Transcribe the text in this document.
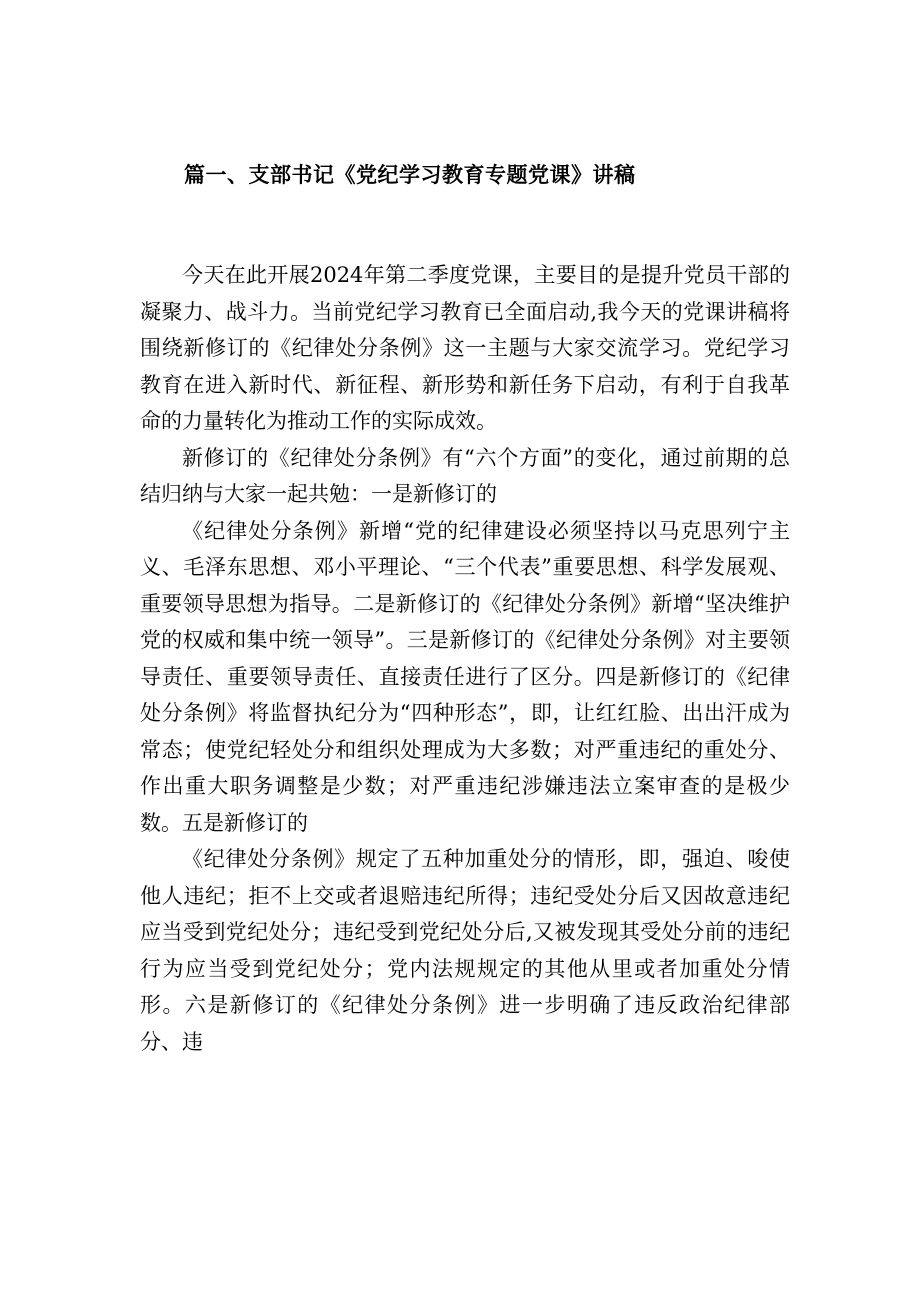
篇一、支部书记《党纪学习教育专题党课》讲稿

今天在此开展2024年第二季度党课，主要目的是提升党员干部的凝聚力、战斗力。当前党纪学习教育已全面启动,我今天的党课讲稿将围绕新修订的《纪律处分条例》这一主题与大家交流学习。党纪学习教育在进入新时代、新征程、新形势和新任务下启动，有利于自我革命的力量转化为推动工作的实际成效。

新修订的《纪律处分条例》有“六个方面”的变化，通过前期的总结归纳与大家一起共勉：一是新修订的

《纪律处分条例》新增“党的纪律建设必须坚持以马克思列宁主义、毛泽东思想、邓小平理论、“三个代表”重要思想、科学发展观、重要领导思想为指导。二是新修订的《纪律处分条例》新增“坚决维护党的权威和集中统一领导”。三是新修订的《纪律处分条例》对主要领导责任、重要领导责任、直接责任进行了区分。四是新修订的《纪律处分条例》将监督执纪分为“四种形态”，即，让红红脸、出出汗成为常态；使党纪轻处分和组织处理成为大多数；对严重违纪的重处分、作出重大职务调整是少数；对严重违纪涉嫌违法立案审查的是极少数。五是新修订的

《纪律处分条例》规定了五种加重处分的情形，即，强迫、唆使他人违纪；拒不上交或者退赔违纪所得；违纪受处分后又因故意违纪应当受到党纪处分；违纪受到党纪处分后,又被发现其受处分前的违纪行为应当受到党纪处分；党内法规规定的其他从里或者加重处分情形。六是新修订的《纪律处分条例》进一步明确了违反政治纪律部分、违
